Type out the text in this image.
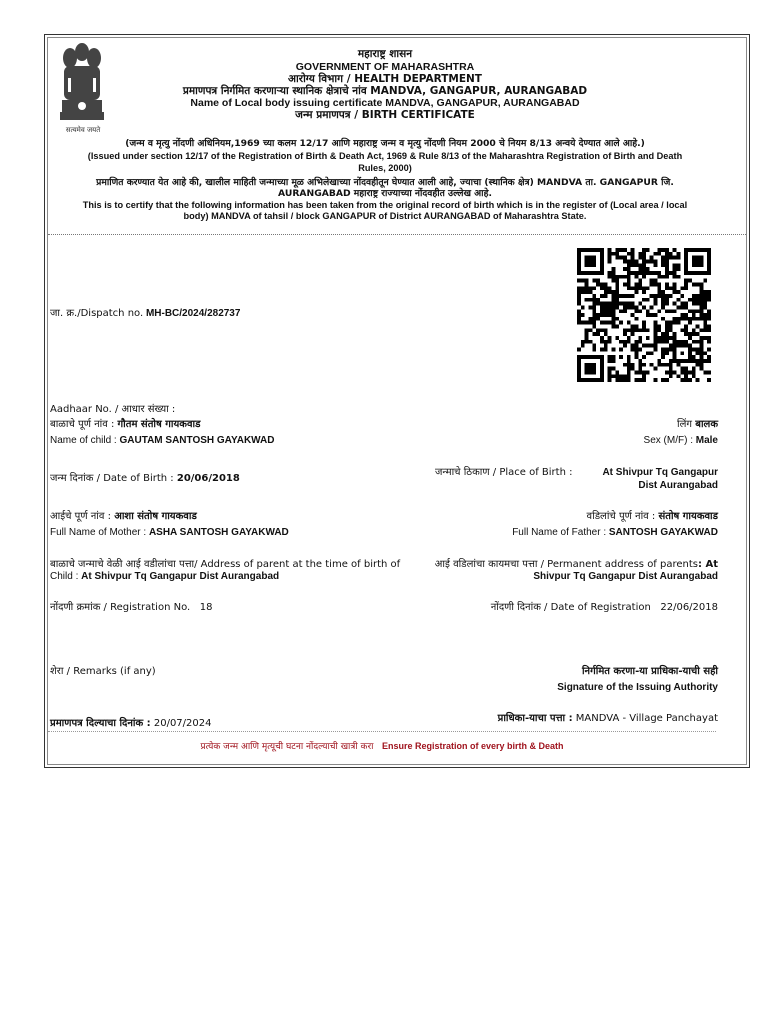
सत्यमेव जयते
महाराष्ट्र शासन
GOVERNMENT OF MAHARASHTRA
आरोग्य विभाग / HEALTH DEPARTMENT
प्रमाणपत्र निर्गमित करणाऱ्या स्थानिक क्षेत्राचे नांव MANDVA, GANGAPUR, AURANGABAD
Name of Local body issuing certificate MANDVA, GANGAPUR, AURANGABAD
जन्म प्रमाणपत्र / BIRTH CERTIFICATE
(जन्म व मृत्यु नोंदणी अधिनियम,1969 च्या कलम 12/17 आणि महाराष्ट्र जन्म व मृत्यु नोंदणी नियम 2000 चे नियम 8/13 अन्वये देण्यात आले आहे.)
(Issued under section 12/17 of the Registration of Birth & Death Act, 1969 & Rule 8/13 of the Maharashtra Registration of Birth and Death
Rules, 2000)
प्रमाणित करण्यात येत आहे की, खालील माहिती जन्माच्या मूळ अभिलेखाच्या नोंदवहीतून घेण्यात आली आहे, ज्याचा (स्थानिक क्षेत्र) MANDVA ता. GANGAPUR जि.
AURANGABAD महाराष्ट्र राज्याच्या नोंदवहीत उल्लेख आहे.
This is to certify that the following information has been taken from the original record of birth which is in the register of (Local area / local
body) MANDVA of tahsil / block GANGAPUR of District AURANGABAD of Maharashtra State.
जा. क्र./Dispatch no. MH-BC/2024/282737
Aadhaar No. / आधार संख्या :
बाळाचे पूर्ण नांव : गौतम संतोष गायकवाड
Name of child : GAUTAM SANTOSH GAYAKWAD
लिंग बालक
Sex (M/F) : Male
जन्म दिनांक / Date of Birth : 20/06/2018
जन्माचे ठिकाण / Place of Birth :	At Shivpur Tq Gangapur
Dist Aurangabad
आईचे पूर्ण नांव : आशा संतोष गायकवाड
Full Name of Mother : ASHA SANTOSH GAYAKWAD
वडिलांचे पूर्ण नांव : संतोष गायकवाड
Full Name of Father : SANTOSH GAYAKWAD
बाळाचे जन्माचे वेळी आई वडीलांचा पत्ता/ Address of parent at the time of birth of
Child : At Shivpur Tq Gangapur Dist Aurangabad
आई वडिलांचा कायमचा पत्ता / Permanent address of parents: At
Shivpur Tq Gangapur Dist Aurangabad
नोंदणी क्रमांक / Registration No. 18	नोंदणी दिनांक / Date of Registration 22/06/2018
शेरा / Remarks (if any)	निर्गमित करणा-या प्राधिका-याची सही
Signature of the Issuing Authority
प्रमाणपत्र दिल्याचा दिनांक : 20/07/2024	प्राधिका-याचा पत्ता : MANDVA - Village Panchayat
प्रत्येक जन्म आणि मृत्यूची घटना नोंदल्याची खात्री करा Ensure Registration of every birth & Death
